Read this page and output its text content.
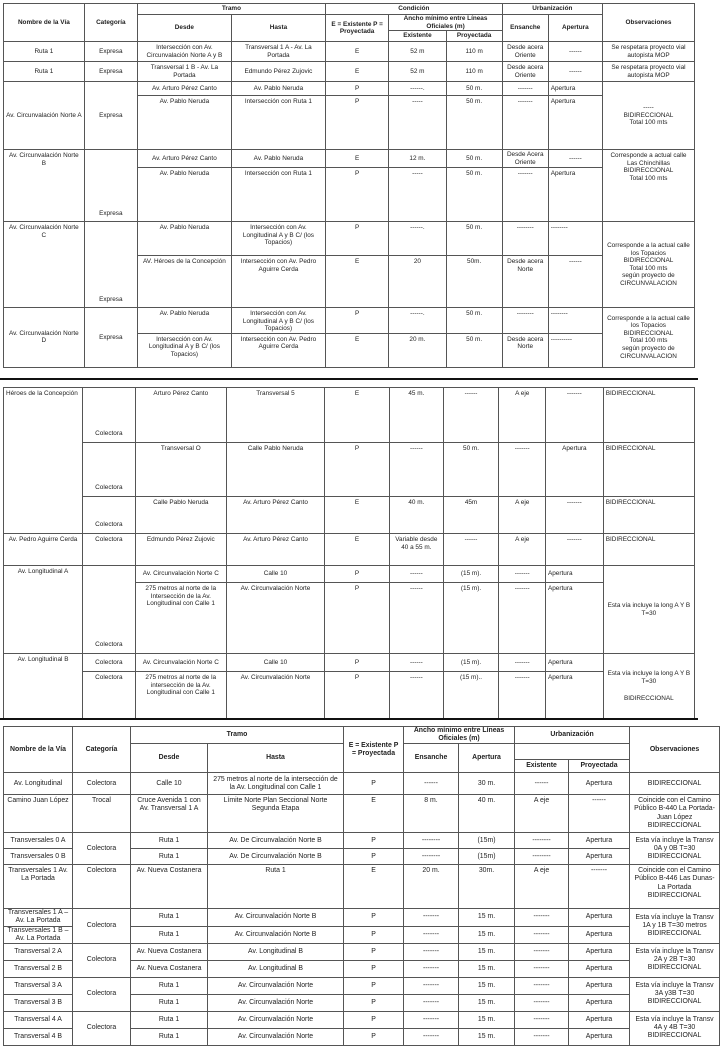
Nombre de la Vía	Categoría	Tramo		Condición			Urbanización		Observaciones
		Desde	Hasta	E = Existente P = Proyectada	Ancho mínimo entre Líneas Oficiales (m)		Ensanche	Apertura	
					Existente	Proyectada			
Ruta 1	Expresa	Intersección con Av. Circunvalación Norte A y B	Transversal 1 A - Av. La Portada	E	52 m	110 m	Desde acera Oriente	------	Se respetara proyecto vial autopista MOP
Ruta 1	Expresa	Transversal 1 B - Av. La Portada	Edmundo Pérez Zujovic	E	52 m	110 m	Desde acera Oriente	------	Se respetara proyecto vial autopista MOP
Av. Circunvalación Norte A	Expresa	Av. Arturo Pérez Canto	Av. Pablo Neruda	P	------.	50 m.	-------	Apertura	-----
BIDIRECCIONAL
Total 100 mts

		Av. Pablo Neruda	Intersección con Ruta 1	P	-----	50 m.	-------	Apertura	
Av. Circunvalación Norte B	Expresa	Av. Arturo Pérez Canto	Av. Pablo Neruda	E	12 m.	50 m.	Desde Acera Oriente	------	Corresponde a actual calle Las Chinchillas
BIDIRECCIONAL
Total 100 mts

		Av. Pablo Neruda	Intersección con Ruta 1	P	-----	50 m.	-------	Apertura	
Av. Circunvalación Norte C	Expresa	Av. Pablo Neruda	Intersección con Av. Longitudinal A y B C/ (los Topacios)	P	------.	50 m.	--------	--------	Corresponde a la actual calle los Topacios
BIDIRECCIONAL
Total 100 mts
según proyecto de CIRCUNVALACION

		AV. Héroes de la Concepción	Intersección con Av. Pedro Aguirre Cerda	E	20	50m.	Desde acera Norte	------	
Av. Circunvalación Norte D	Expresa	Av. Pablo Neruda	Intersección con Av. Longitudinal A y B C/ (los Topacios)	P	------.	50 m.	--------	--------	Corresponde a la actual calle los Topacios
BIDIRECCIONAL
Total 100 mts
según proyecto de CIRCUNVALACION

		Intersección con Av. Longitudinal A y B C/ (los Topacios)	Intersección con Av. Pedro Aguirre Cerda	E	20 m.	50 m.	Desde acera Norte	----------	
Héroes de la Concepción	Colectora	Arturo Pérez Canto	Transversal 5	E	45 m.	------	A eje	-------	BIDIRECCIONAL
	Colectora	Transversal O	Calle Pablo Neruda	P	------	50 m.	-------	Apertura	BIDIRECCIONAL
	Colectora	Calle Pablo Neruda	Av. Arturo Pérez Canto	E	40 m.	45m	A eje	-------	BIDIRECCIONAL
Av. Pedro Aguirre Cerda	Colectora	Edmundo Pérez Zujovic	Av. Arturo Pérez Canto	E	Variable desde 40 a 55 m.	------	A eje	-------	BIDIRECCIONAL
Av. Longitudinal A	Colectora	Av. Circunvalación Norte C	Calle 10	P	------	(15 m).	-------	Apertura	Esta vía incluye la long A Y B T=30
		275 metros al norte de la Intersección de la Av. Longitudinal con Calle 1	Av. Circunvalación Norte	P	------	(15 m).	-------	Apertura	
Av. Longitudinal B	Colectora	Av. Circunvalación Norte C	Calle 10	P	------	(15 m).	-------	Apertura	Esta vía incluye la long A Y B T=30
BIDIRECCIONAL

	Colectora	275 metros al norte de la intersección de la Av. Longitudinal con Calle 1	Av. Circunvalación Norte	P	------	(15 m)..	-------	Apertura	
Nombre de la Vía	Categoría	Tramo		E = Existente P = Proyectada	Ancho mínimo entre Líneas Oficiales (m)		Urbanización		Observaciones
		Desde	Hasta		Ensanche	Apertura			
							Existente	Proyectada	
Av. Longitudinal	Colectora	Calle 10	275 metros al norte de la intersección de la Av. Longitudinal con Calle 1	P	------	30 m.	------	Apertura	BIDIRECCIONAL
Camino Juan López	Trocal	Cruce Avenida 1 con Av. Transversal 1 A	Límite Norte Plan Seccional Norte Segunda Etapa	E	8 m.	40 m.	A eje	------	Coincide con el Camino Público B-440 La Portada-Juan López BIDIRECCIONAL
Transversales 0 A	Colectora	Ruta 1	Av. De Circunvalación Norte B	P	--------	(15m)	--------	Apertura	Esta vía incluye la Transv 0A y 0B T=30 BIDIRECCIONAL
Transversales 0 B		Ruta 1	Av. De Circunvalación Norte B	P	--------	(15m)	--------	Apertura	
Transversales 1 Av. La Portada	Colectora	Av. Nueva Costanera	Ruta 1	E	20 m.	30m.	A eje	-------	Coincide con el Camino Público B-446 Las Dunas-La Portada BIDIRECCIONAL
Transversales 1 A – Av. La Portada	Colectora	Ruta 1	Av. Circunvalación Norte B	P	-------	15 m.	-------	Apertura	Esta vía incluye la Transv 1A y 1B T=30 metros BIDIRECCIONAL
Transversales 1 B – Av. La Portada		Ruta 1	Av. Circunvalación Norte B	P	-------	15 m.	-------	Apertura	
Transversal 2 A	Colectora	Av. Nueva Costanera	Av. Longitudinal B	P	-------	15 m.	-------	Apertura	Esta vía incluye la Transv 2A y 2B T=30 BIDIRECCIONAL
Transversal 2 B		Av. Nueva Costanera	Av. Longitudinal B	P	-------	15 m.	-------	Apertura	
Transversal 3 A	Colectora	Ruta 1	Av. Circunvalación Norte	P	-------	15 m.	-------	Apertura	Esta vía incluye la Transv 3A y3B T=30 BIDIRECCIONAL
Transversal 3 B		Ruta 1	Av. Circunvalación Norte	P	-------	15 m.	-------	Apertura	
Transversal 4 A	Colectora	Ruta 1	Av. Circunvalación Norte	P	-------	15 m.	-------	Apertura	Esta vía incluye la Transv 4A y 4B T=30 BIDIRECCIONAL
Transversal 4 B		Ruta 1	Av. Circunvalación Norte	P	-------	15 m.	-------	Apertura	
